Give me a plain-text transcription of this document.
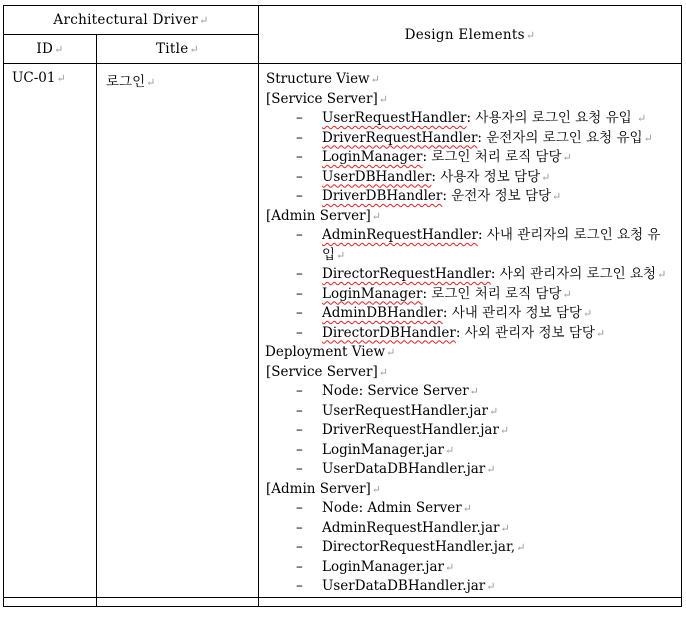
Architectural Driver↵		Design Elements↵
ID↵	Title↵	
UC-01↵	로그인↵	Structure View↵
[Service Server]↵
– UserRequestHandler: 사용자의 로그인 요청 유입 ↵
– DriverRequestHandler: 운전자의 로그인 요청 유입↵
– LoginManager: 로그인 처리 로직 담당↵
– UserDBHandler: 사용자 정보 담당↵
– DriverDBHandler: 운전자 정보 담당↵
[Admin Server]↵
– AdminRequestHandler: 사내 관리자의 로그인 요청 유입↵
– DirectorRequestHandler: 사외 관리자의 로그인 요청↵
– LoginManager: 로그인 처리 로직 담당↵
– AdminDBHandler: 사내 관리자 정보 담당↵
– DirectorDBHandler: 사외 관리자 정보 담당↵
Deployment View↵
[Service Server]↵
– Node: Service Server↵
– UserRequestHandler.jar↵
– DriverRequestHandler.jar↵
– LoginManager.jar↵
– UserDataDBHandler.jar↵
[Admin Server]↵
– Node: Admin Server↵
– AdminRequestHandler.jar↵
– DirectorRequestHandler.jar,↵
– LoginManager.jar↵
– UserDataDBHandler.jar↵
